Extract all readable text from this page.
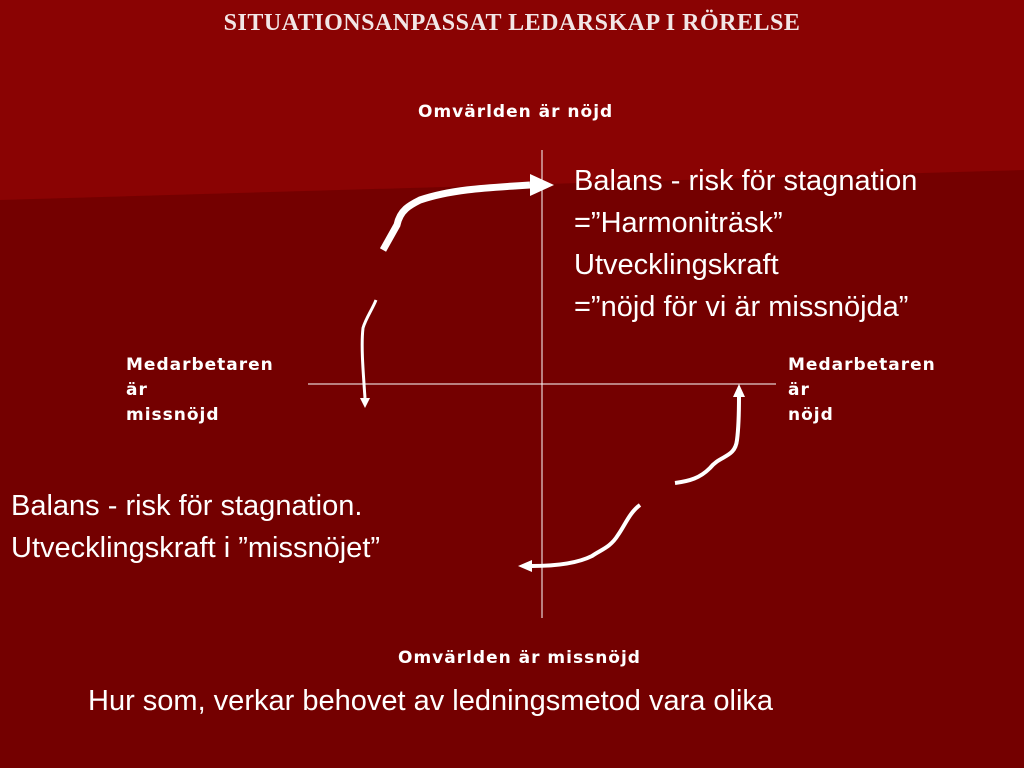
SITUATIONSANPASSAT LEDARSKAP I RÖRELSE
Omvärlden är nöjd
Omvärlden är missnöjd
Medarbetaren
är
missnöjd
Medarbetaren
är
nöjd
Balans - risk för stagnation
=”Harmoniträsk”
Utvecklingskraft
=”nöjd för vi är missnöjda”
Balans - risk för stagnation.
Utvecklingskraft i ”missnöjet”
Hur som, verkar behovet av ledningsmetod vara olika
